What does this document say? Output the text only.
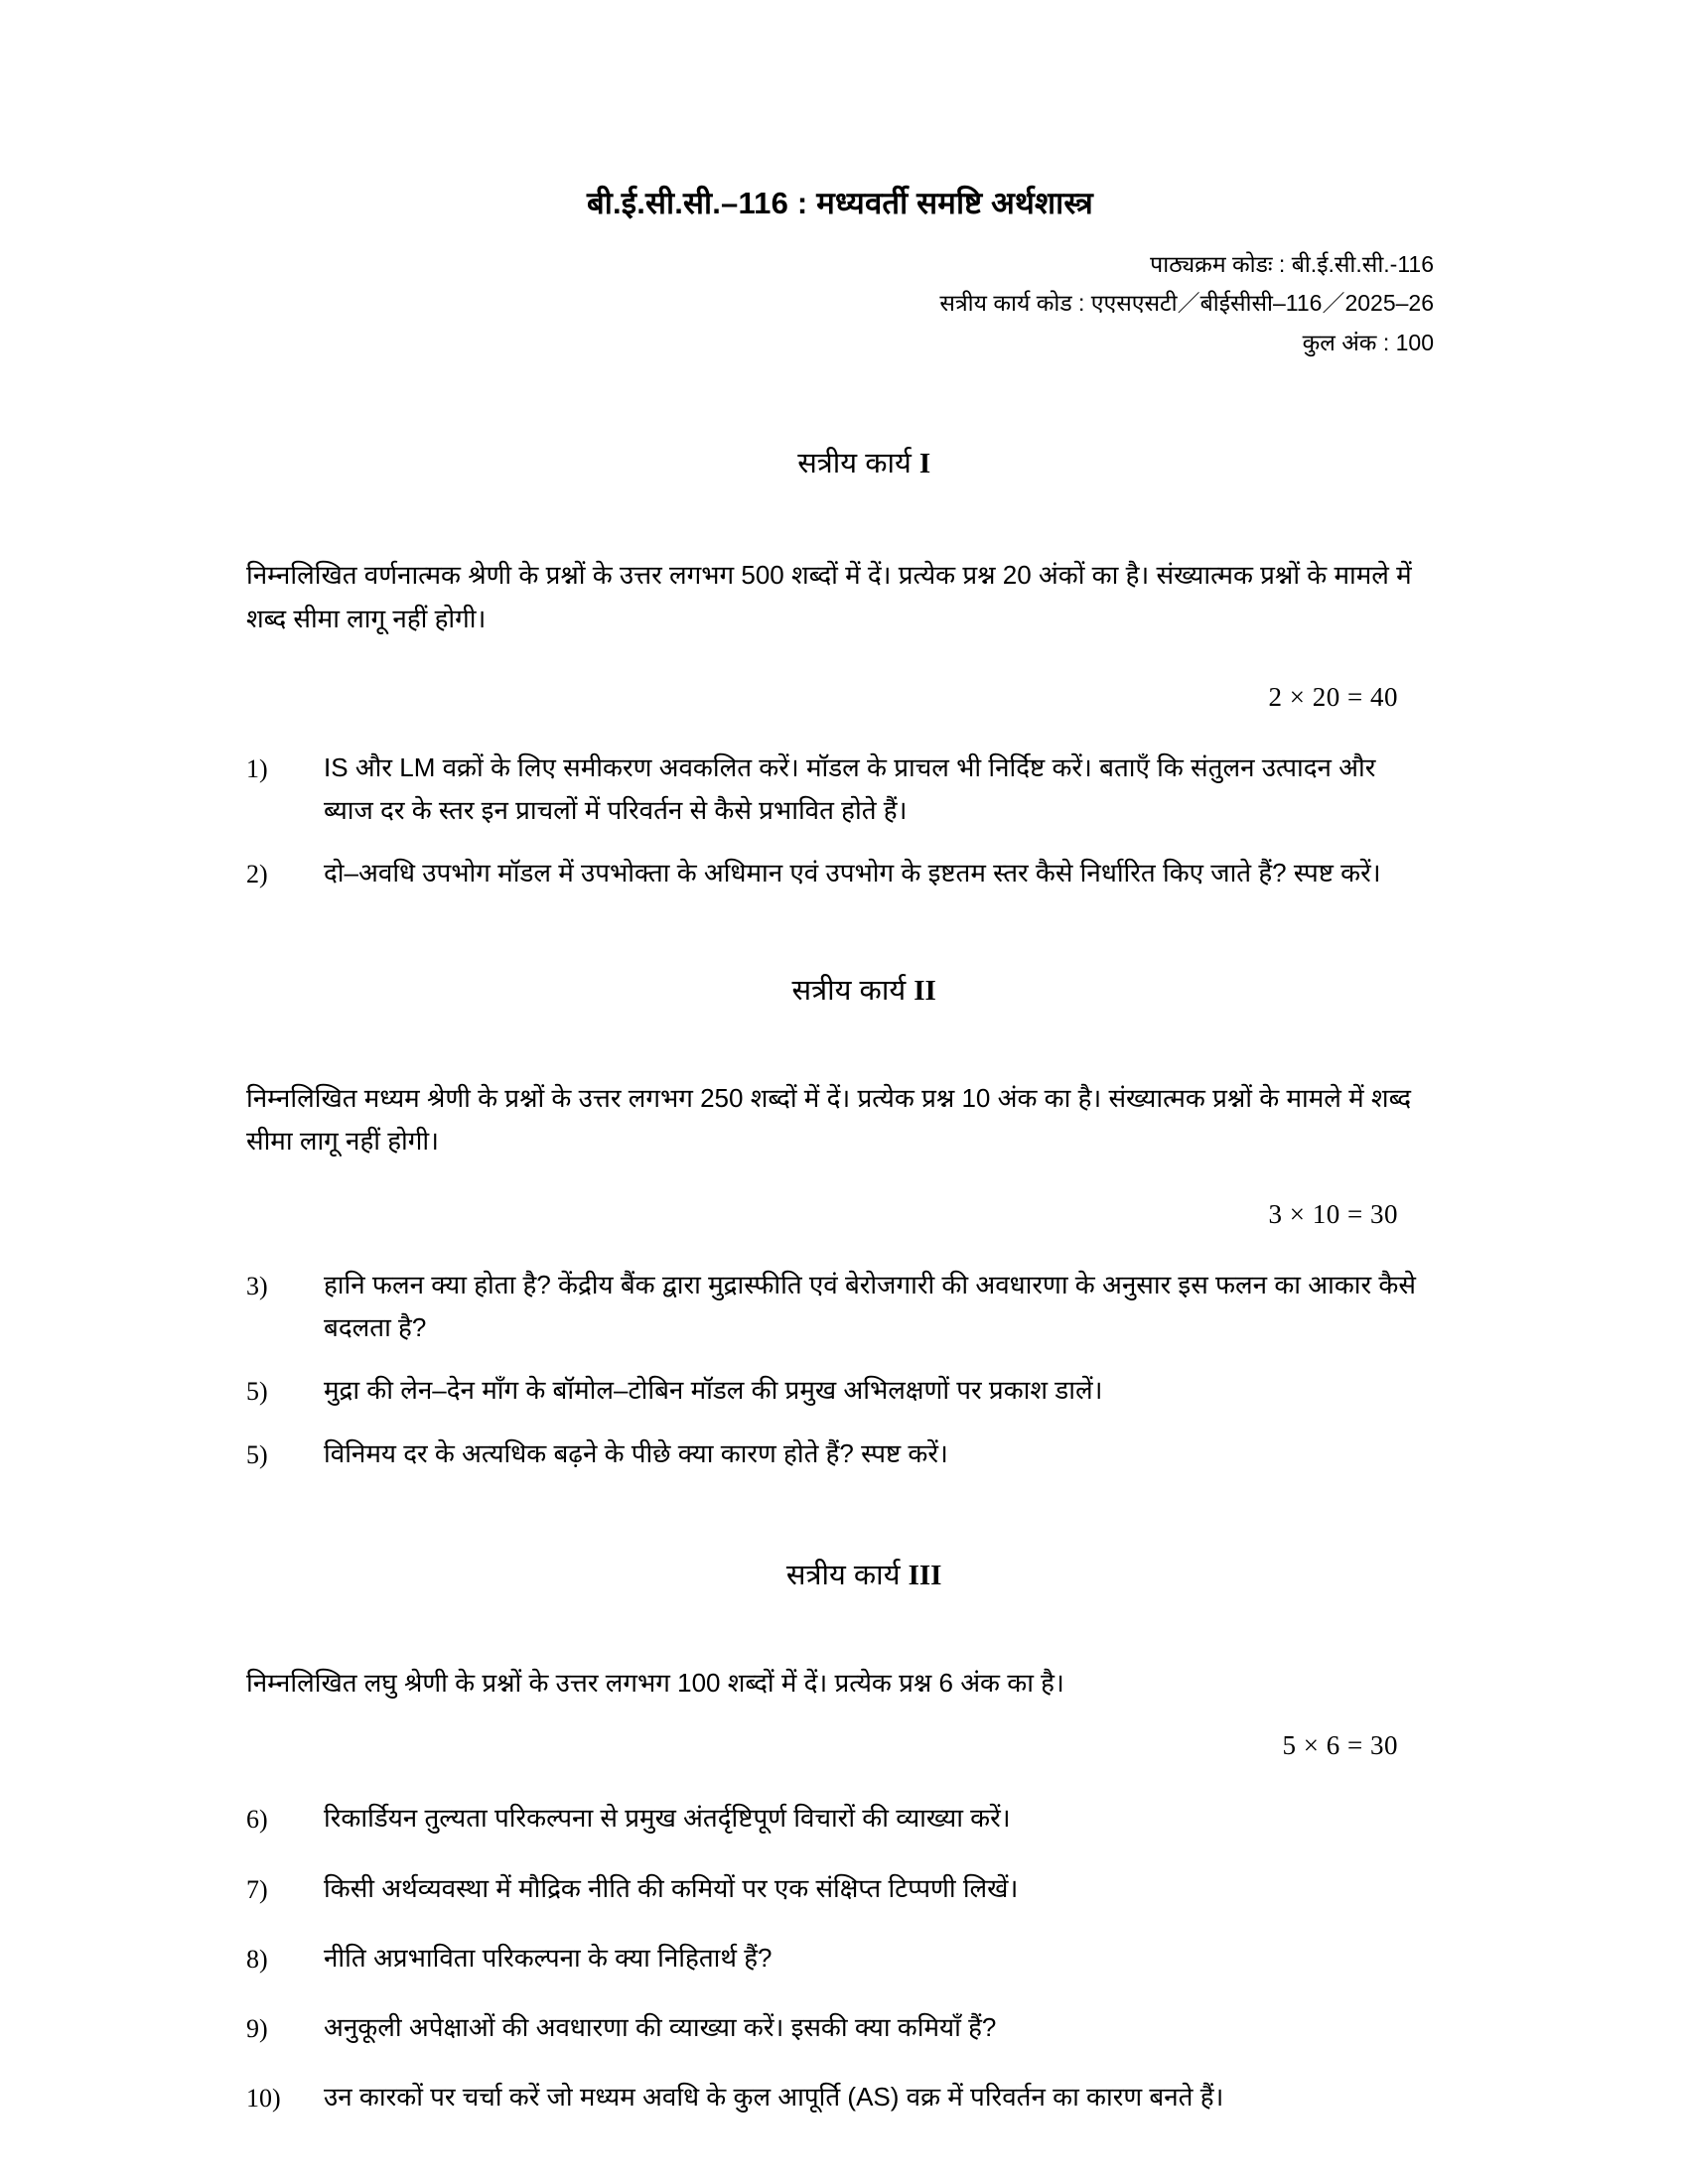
बी.ई.सी.सी.–116 : मध्यवर्ती समष्टि अर्थशास्त्र
पाठ्यक्रम कोडः : बी.ई.सी.सी.-116
सत्रीय कार्य कोड : एएसएसटी／बीईसीसी–116／2025–26
कुल अंक : 100

सत्रीय कार्य I

निम्नलिखित वर्णनात्मक श्रेणी के प्रश्नों के उत्तर लगभग 500 शब्दों में दें। प्रत्येक प्रश्न 20 अंकों का है। संख्यात्मक प्रश्नों के मामले में शब्द सीमा लागू नहीं होगी।

2 × 20 = 40
1)	IS और LM वक्रों के लिए समीकरण अवकलित करें। मॉडल के प्राचल भी निर्दिष्ट करें। बताएँ कि संतुलन उत्पादन और ब्याज दर के स्तर इन प्राचलों में परिवर्तन से कैसे प्रभावित होते हैं।
2)	दो–अवधि उपभोग मॉडल में उपभोक्ता के अधिमान एवं उपभोग के इष्टतम स्तर कैसे निर्धारित किए जाते हैं? स्पष्ट करें।

सत्रीय कार्य II

निम्नलिखित मध्यम श्रेणी के प्रश्नों के उत्तर लगभग 250 शब्दों में दें। प्रत्येक प्रश्न 10 अंक का है। संख्यात्मक प्रश्नों के मामले में शब्द सीमा लागू नहीं होगी।

3 × 10 = 30
3)	हानि फलन क्या होता है? केंद्रीय बैंक द्वारा मुद्रास्फीति एवं बेरोजगारी की अवधारणा के अनुसार इस फलन का आकार कैसे बदलता है?
5)	मुद्रा की लेन–देन माँग के बॉमोल–टोबिन मॉडल की प्रमुख अभिलक्षणों पर प्रकाश डालें।
5)	विनिमय दर के अत्यधिक बढ़ने के पीछे क्या कारण होते हैं? स्पष्ट करें।

सत्रीय कार्य III

निम्नलिखित लघु श्रेणी के प्रश्नों के उत्तर लगभग 100 शब्दों में दें। प्रत्येक प्रश्न 6 अंक का है।

5 × 6 = 30
6)	रिकार्डियन तुल्यता परिकल्पना से प्रमुख अंतर्दृष्टिपूर्ण विचारों की व्याख्या करें।
7)	किसी अर्थव्यवस्था में मौद्रिक नीति की कमियों पर एक संक्षिप्त टिप्पणी लिखें।
8)	नीति अप्रभाविता परिकल्पना के क्या निहितार्थ हैं?
9)	अनुकूली अपेक्षाओं की अवधारणा की व्याख्या करें। इसकी क्या कमियाँ हैं?
10)	उन कारकों पर चर्चा करें जो मध्यम अवधि के कुल आपूर्ति (AS) वक्र में परिवर्तन का कारण बनते हैं।
